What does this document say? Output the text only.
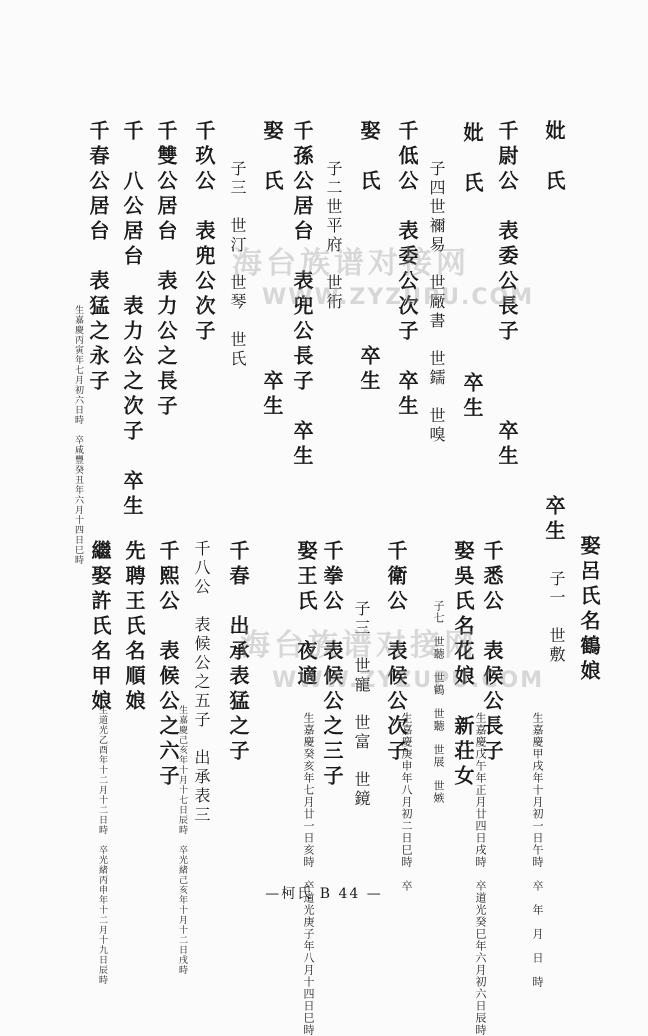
妣　氏　　　　　　　　　　　　卒生
千尉公　表委公長子　　　卒生
妣　氏　　　　　　　卒生
子四世禰易　世厰書　世鑐　世嗅
千低公　表委公次子　卒生
娶　氏　　　　　　卒生
子二世平府　世衎
千孫公居台　表兜公長子　卒生
娶　氏　　　　　　　卒生
子三　世汀　世琴　世氏
千玖公　表兜公次子
千雙公居台　表力公之長子
千　八公居台　表力公之次子　卒生
千春公居台　表猛之永子
生嘉慶丙寅年七月初六日時　卒咸豐癸丑年六月十四日巳時
娶呂氏名鶴娘
子一　世敷
生嘉慶甲戌年十月初一日午時　卒　年　月　日　時
千悉公　表候公長子
娶吳氏名花娘　新荘女
子七　世聽　世鶴　世聽　世展　世嫉
生嘉慶戊午年正月廿四日戌時　卒道光癸巳年六月初六日辰時
千衛公　表候公次子
生嘉慶庚申年八月初二日巳時　卒
子三　世寵　世富　世鏡
娶王氏　夜適 千拳公　表候公之三子
生嘉慶癸亥年七月廿一日亥時　卒道光庚子年八月十四日巳時
千春　出承表猛之子
千八公　表候公之五子　出承表三
千熙公　表候公之六子
先聘王氏名順娘
繼娶許氏名甲娘
生嘉慶己亥年十月十七日辰時　卒光緒己亥年十月十二日戌時
生道光乙酉年十二月十二日時　卒光緒丙申年十二月十九日辰時
海台族谱对接网
WWW.ZYZUPU.COM
海台族谱对接网
WWW.ZYZUPU.COM
—柯氏 B 44 —
